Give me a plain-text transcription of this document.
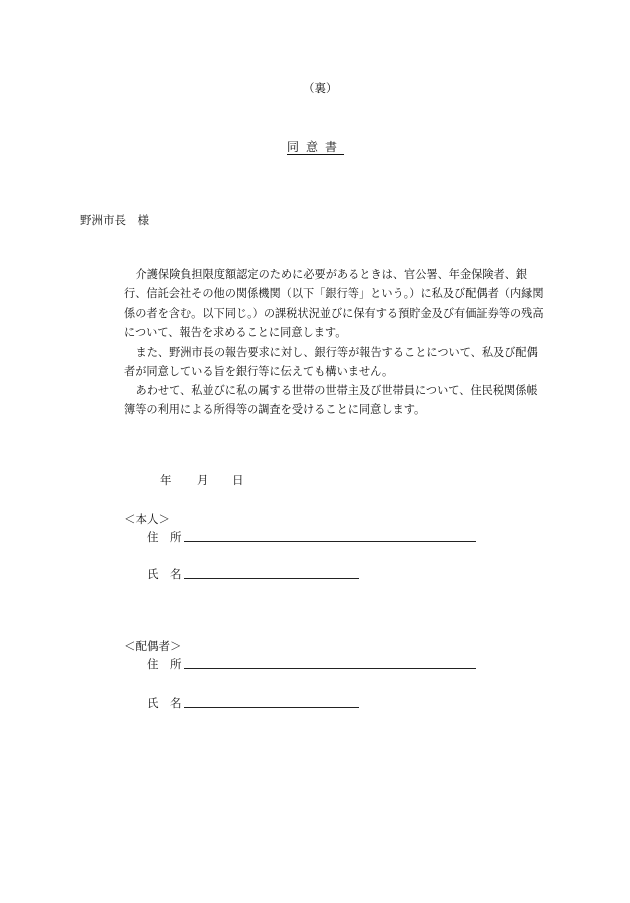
（裏）
同意書
野洲市長　様

介護保険負担限度額認定のために必要があるときは、官公署、年金保険者、銀行、信託会社その他の関係機関（以下「銀行等」という。）に私及び配偶者（内縁関係の者を含む。以下同じ。）の課税状況並びに保有する預貯金及び有価証券等の残高について、報告を求めることに同意します。

また、野洲市長の報告要求に対し、銀行等が報告することについて、私及び配偶者が同意している旨を銀行等に伝えても構いません。

あわせて、私並びに私の属する世帯の世帯主及び世帯員について、住民税関係帳簿等の利用による所得等の調査を受けることに同意します。

年 月 日
＜本人＞
住　所
氏　名
＜配偶者＞
住　所
氏　名
